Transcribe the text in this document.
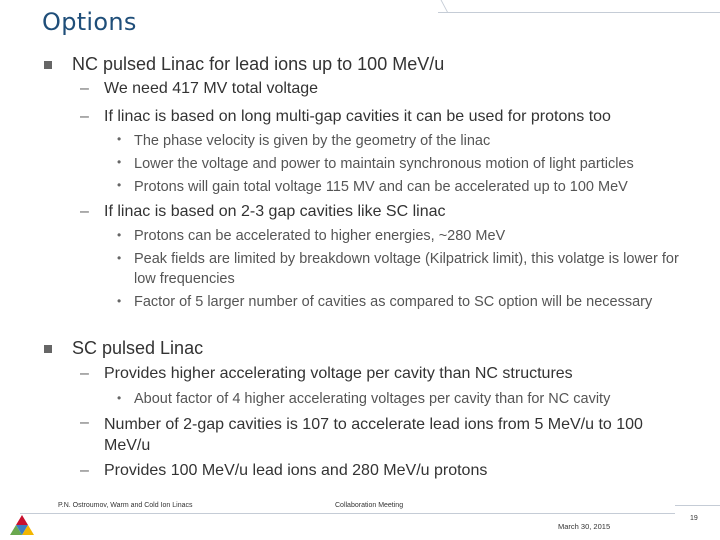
Options
NC pulsed Linac for lead ions up to 100 MeV/u
– We need 417 MV total voltage
– If linac is based on long multi-gap cavities it can be used for protons too
• The phase velocity is given by the geometry of the linac
• Lower the voltage and power to maintain synchronous motion of light particles
• Protons will gain total voltage 115 MV and can be accelerated up to 100 MeV
– If linac is based on 2-3 gap cavities like SC linac
• Protons can be accelerated to higher energies, ~280 MeV
• Peak fields are limited by breakdown voltage (Kilpatrick limit), this volatge is lower for low frequencies
• Factor of 5 larger number of cavities as compared to SC option will be necessary
SC pulsed Linac
– Provides higher accelerating voltage per cavity than NC structures
• About factor of 4 higher accelerating voltages per cavity than for NC cavity
– Number of 2-gap cavities is 107 to accelerate lead ions from 5 MeV/u to 100 MeV/u
– Provides 100 MeV/u lead ions and 280 MeV/u protons
P.N. Ostroumov, Warm and Cold Ion Linacs	Collaboration Meeting
March 30, 2015
19
